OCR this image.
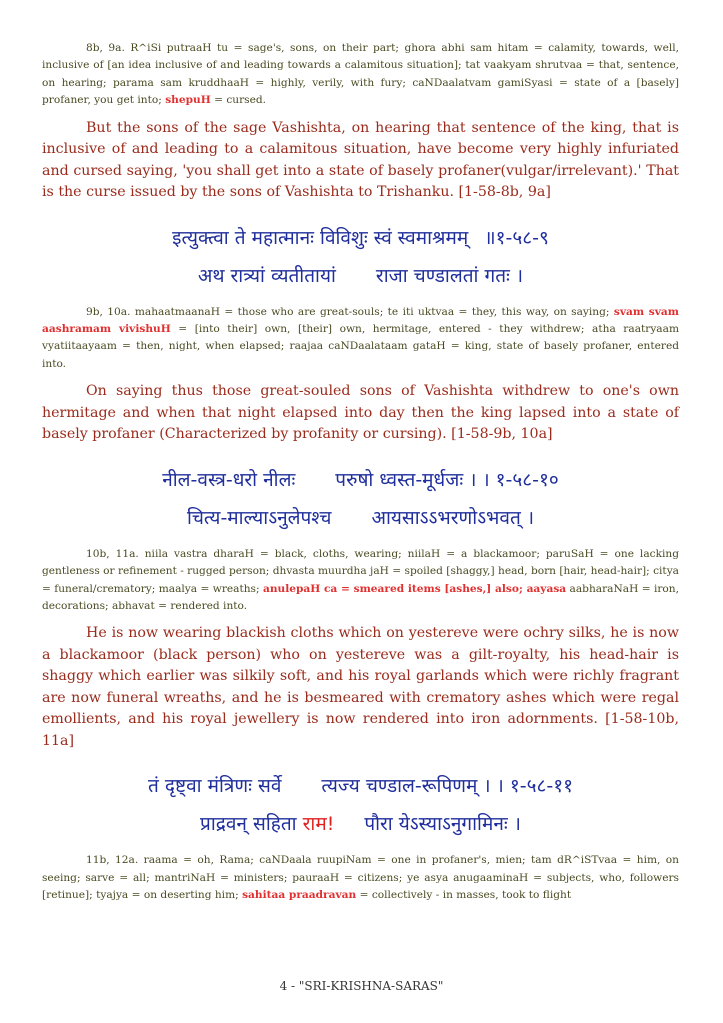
8b, 9a. R^iSi putraaH tu = sage's, sons, on their part; ghora abhi sam hitam = calamity, towards, well, inclusive of [an idea inclusive of and leading towards a calamitous situation]; tat vaakyam shrutvaa = that, sentence, on hearing; parama sam kruddhaaH = highly, verily, with fury; caNDaalatvam gamiSyasi = state of a [basely] profaner, you get into; shepuH = cursed.

But the sons of the sage Vashishta, on hearing that sentence of the king, that is inclusive of and leading to a calamitous situation, have become very highly infuriated and cursed saying, 'you shall get into a state of basely profaner(vulgar/irrelevant).' That is the curse issued by the sons of Vashishta to Trishanku. [1-58-8b, 9a]

इत्युक्त्वा ते महात्मानः विविशुः स्वं स्वमाश्रमम् ॥१-५८-९

अथ रात्र्यां व्यतीतायां राजा चण्डालतां गतः ।

9b, 10a. mahaatmaanaH = those who are great-souls; te iti uktvaa = they, this way, on saying; svam svam aashramam vivishuH = [into their] own, [their] own, hermitage, entered - they withdrew; atha raatryaam vyatiitaayaam = then, night, when elapsed; raajaa caNDaalataam gataH = king, state of basely profaner, entered into.

On saying thus those great-souled sons of Vashishta withdrew to one's own hermitage and when that night elapsed into day then the king lapsed into a state of basely profaner (Characterized by profanity or cursing). [1-58-9b, 10a]

नील-वस्त्र-धरो नीलः परुषो ध्वस्त-मूर्धजः । । १-५८-१०

चित्य-माल्याऽनुलेपश्च आयसाऽऽभरणोऽभवत् ।

10b, 11a. niila vastra dharaH = black, cloths, wearing; niilaH = a blackamoor; paruSaH = one lacking gentleness or refinement - rugged person; dhvasta muurdha jaH = spoiled [shaggy,] head, born [hair, head-hair]; citya = funeral/crematory; maalya = wreaths; anulepaH ca = smeared items [ashes,] also; aayasa aabharaNaH = iron, decorations; abhavat = rendered into.

He is now wearing blackish cloths which on yestereve were ochry silks, he is now a blackamoor (black person) who on yestereve was a gilt-royalty, his head-hair is shaggy which earlier was silkily soft, and his royal garlands which were richly fragrant are now funeral wreaths, and he is besmeared with crematory ashes which were regal emollients, and his royal jewellery is now rendered into iron adornments. [1-58-10b, 11a]

तं दृष्ट्वा मंत्रिणः सर्वे त्यज्य चण्डाल-रूपिणम् । । १-५८-११

प्राद्रवन् सहिता राम! पौरा येऽस्याऽनुगामिनः ।

11b, 12a. raama = oh, Rama; caNDaala ruupiNam = one in profaner's, mien; tam dR^iSTvaa = him, on seeing; sarve = all; mantriNaH = ministers; pauraaH = citizens; ye asya anugaaminaH = subjects, who, followers [retinue]; tyajya = on deserting him; sahitaa praadravan = collectively - in masses, took to flight

4 - "SRI-KRISHNA-SARAS"
